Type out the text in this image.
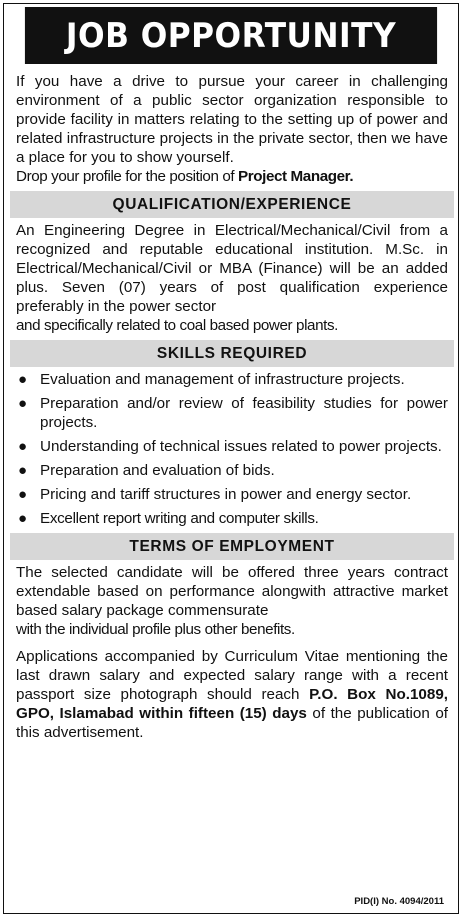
JOB OPPORTUNITY

If you have a drive to pursue your career in challenging environment of a public sector organization responsible to provide facility in matters relating to the setting up of power and related infrastructure projects in the private sector, then we have a place for you to show yourself.

Drop your profile for the position of Project Manager.

QUALIFICATION/EXPERIENCE

An Engineering Degree in Electrical/Mechanical/Civil from a recognized and reputable educational institution. M.Sc. in Electrical/Mechanical/Civil or MBA (Finance) will be an added plus. Seven (07) years of post qualification experience preferably in the power sector

and specifically related to coal based power plants.

SKILLS REQUIRED
● Evaluation and management of infrastructure projects.
● Preparation and/or review of feasibility studies for power projects.
● Understanding of technical issues related to power projects.
● Preparation and evaluation of bids.
● Pricing and tariff structures in power and energy sector.
● Excellent report writing and computer skills.
TERMS OF EMPLOYMENT

The selected candidate will be offered three years contract extendable based on performance alongwith attractive market based salary package commensurate

with the individual profile plus other benefits.

Applications accompanied by Curriculum Vitae mentioning the last drawn salary and expected salary range with a recent passport size photograph should reach P.O. Box No.1089, GPO, Islamabad within fifteen (15) days of the publication of this advertisement.

PID(I) No. 4094/2011
